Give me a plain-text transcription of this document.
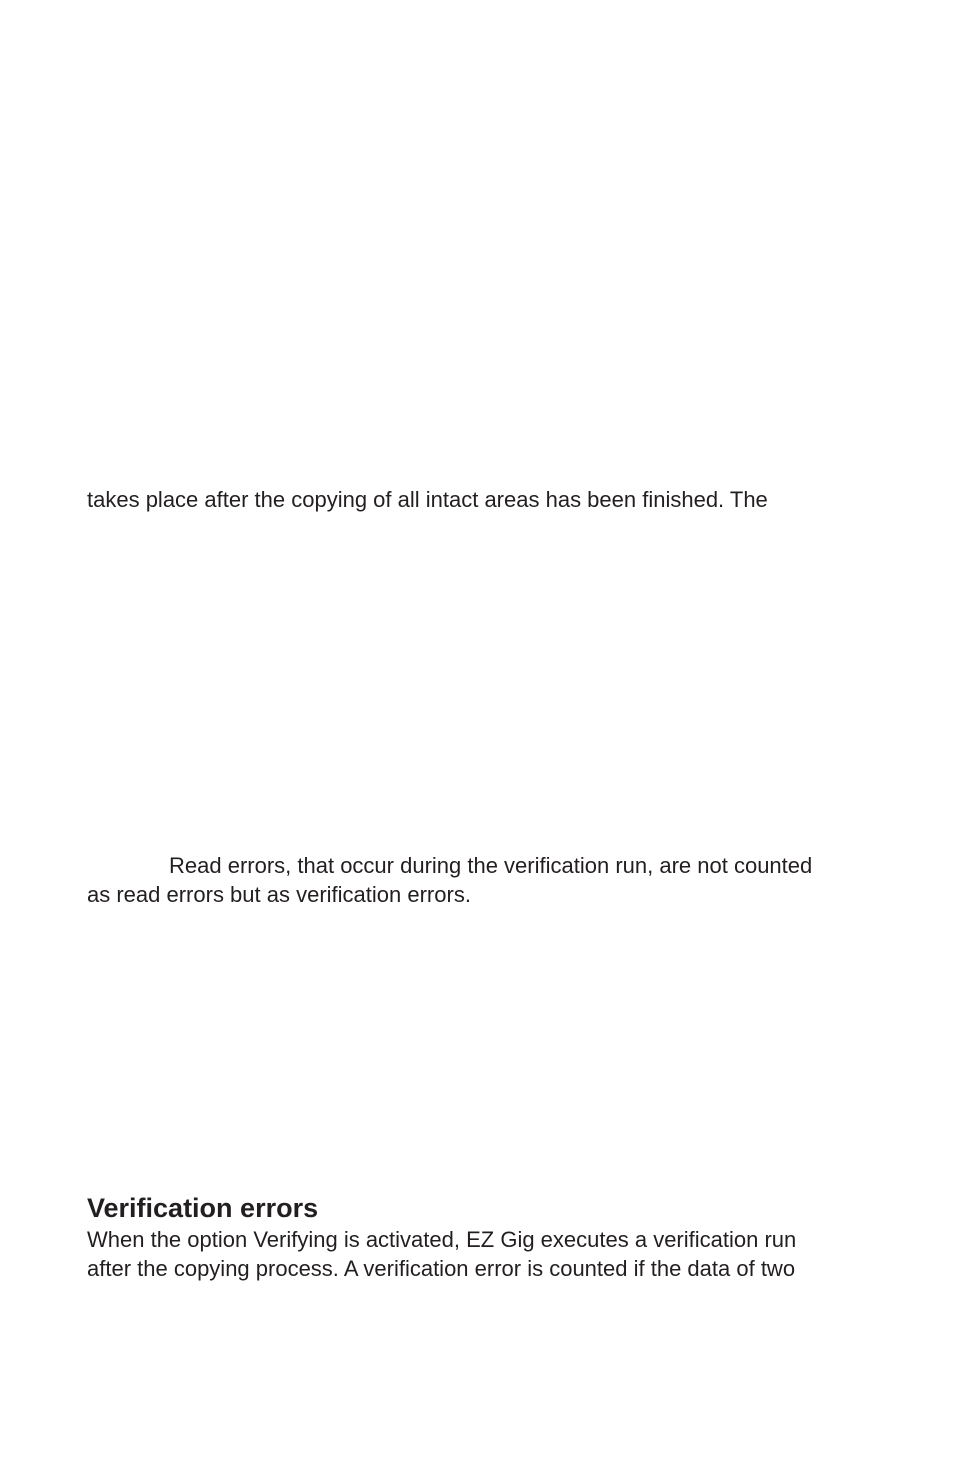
takes place after the copying of all intact areas has been finished. The

Read errors, that occur during the verification run, are not counted

as read errors but as verification errors.

Verification errors

When the option Verifying is activated, EZ Gig executes a verification run

after the copying process. A verification error is counted if the data of two
